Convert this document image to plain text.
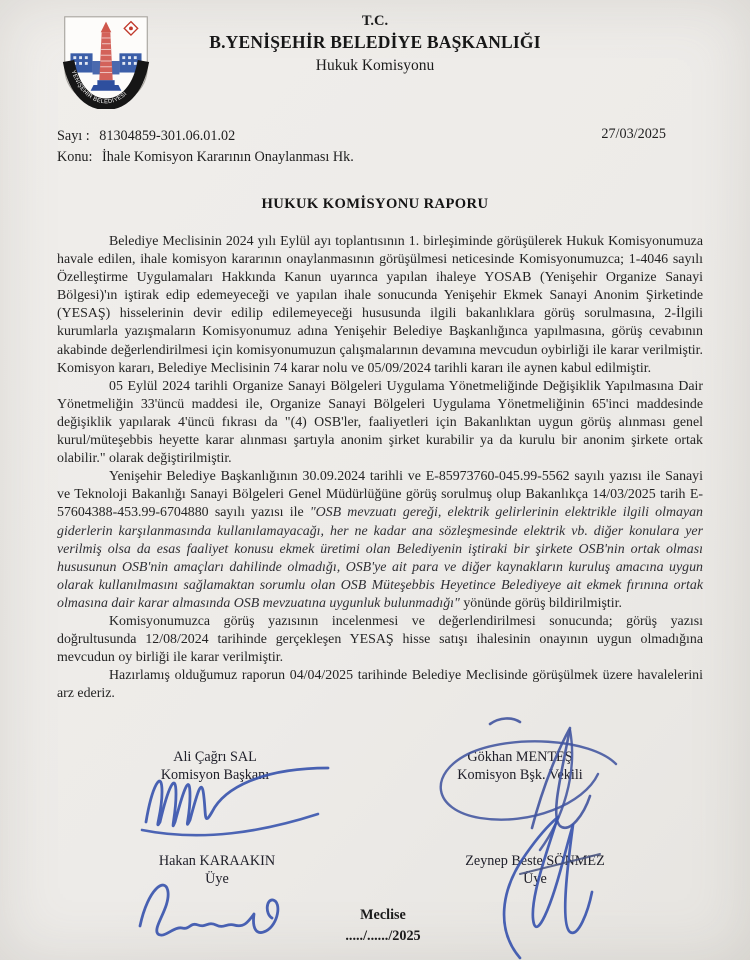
YENİŞEHİR BELEDİYESİ
T.C.
B.YENİŞEHİR BELEDİYE BAŞKANLIĞI
Hukuk Komisyonu
Sayı : 81304859-301.06.01.02
Konu: İhale Komisyon Kararının Onaylanması Hk.
27/03/2025
HUKUK KOMİSYONU RAPORU

Belediye Meclisinin 2024 yılı Eylül ayı toplantısının 1. birleşiminde görüşülerek Hukuk Komisyonumuza havale edilen, ihale komisyon kararının onaylanmasının görüşülmesi neticesinde Komisyonumuzca; 1-4046 sayılı Özelleştirme Uygulamaları Hakkında Kanun uyarınca yapılan ihaleye YOSAB (Yenişehir Organize Sanayi Bölgesi)'ın iştirak edip edemeyeceği ve yapılan ihale sonucunda Yenişehir Ekmek Sanayi Anonim Şirketinde (YESAŞ) hisselerinin devir edilip edilemeyeceği hususunda ilgili bakanlıklara görüş sorulmasına, 2-İlgili kurumlarla yazışmaların Komisyonumuz adına Yenişehir Belediye Başkanlığınca yapılmasına, görüş cevabının akabinde değerlendirilmesi için komisyonumuzun çalışmalarının devamına mevcudun oybirliği ile karar verilmiştir. Komisyon kararı, Belediye Meclisinin 74 karar nolu ve 05/09/2024 tarihli kararı ile aynen kabul edilmiştir.

05 Eylül 2024 tarihli Organize Sanayi Bölgeleri Uygulama Yönetmeliğinde Değişiklik Yapılmasına Dair Yönetmeliğin 33'üncü maddesi ile, Organize Sanayi Bölgeleri Uygulama Yönetmeliğinin 65'inci maddesinde değişiklik yapılarak 4'üncü fıkrası da "(4) OSB'ler, faaliyetleri için Bakanlıktan uygun görüş alınması genel kurul/müteşebbis heyette karar alınması şartıyla anonim şirket kurabilir ya da kurulu bir anonim şirkete ortak olabilir." olarak değiştirilmiştir.

Yenişehir Belediye Başkanlığının 30.09.2024 tarihli ve E-85973760-045.99-5562 sayılı yazısı ile Sanayi ve Teknoloji Bakanlığı Sanayi Bölgeleri Genel Müdürlüğüne görüş sorulmuş olup Bakanlıkça 14/03/2025 tarih E-57604388-453.99-6704880 sayılı yazısı ile "OSB mevzuatı gereği, elektrik gelirlerinin elektrikle ilgili olmayan giderlerin karşılanmasında kullanılamayacağı, her ne kadar ana sözleşmesinde elektrik vb. diğer konulara yer verilmiş olsa da esas faaliyet konusu ekmek üretimi olan Belediyenin iştiraki bir şirkete OSB'nin ortak olması hususunun OSB'nin amaçları dahilinde olmadığı, OSB'ye ait para ve diğer kaynakların kuruluş amacına uygun olarak kullanılmasını sağlamaktan sorumlu olan OSB Müteşebbis Heyetince Belediyeye ait ekmek fırınına ortak olmasına dair karar almasında OSB mevzuatına uygunluk bulunmadığı" yönünde görüş bildirilmiştir.

Komisyonumuzca görüş yazısının incelenmesi ve değerlendirilmesi sonucunda; görüş yazısı doğrultusunda 12/08/2024 tarihinde gerçekleşen YESAŞ hisse satışı ihalesinin onayının uygun olmadığına mevcudun oy birliği ile karar verilmiştir.

Hazırlamış olduğumuz raporun 04/04/2025 tarihinde Belediye Meclisinde görüşülmek üzere havalelerini arz ederiz.

Ali Çağrı SAL
Komisyon Başkanı
Gökhan MENTEŞ
Komisyon Bşk. Vekili
Hakan KARAAKIN
Üye
Zeynep Beste SÖNMEZ
Üye
Meclise
...../....../2025
